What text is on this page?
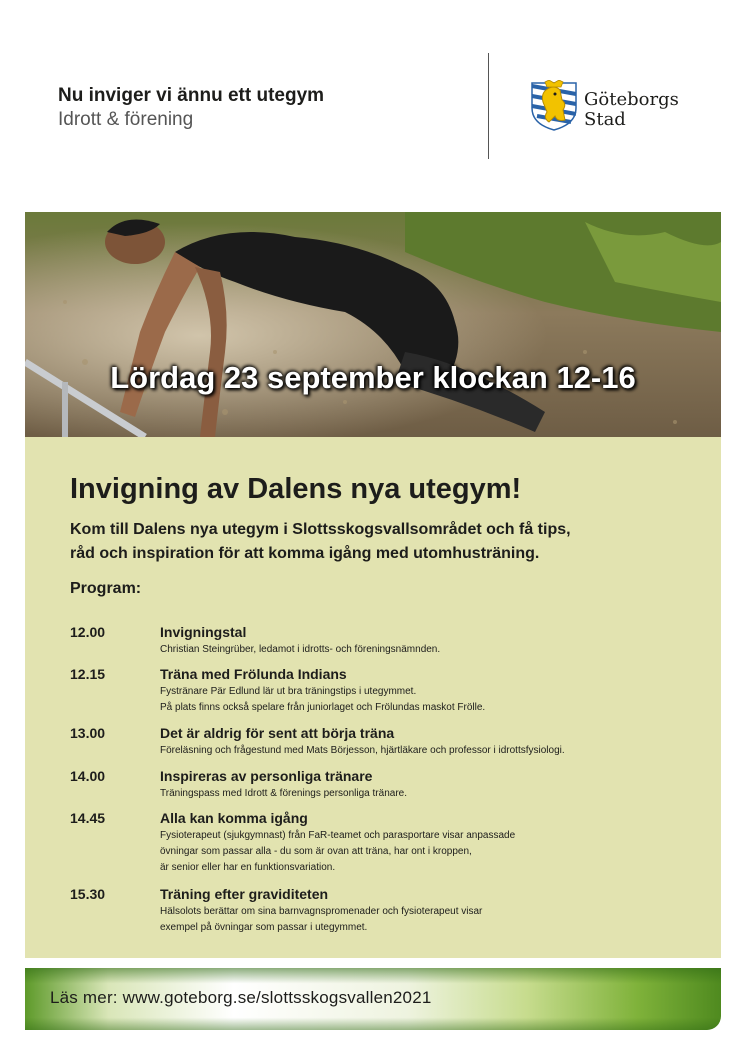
Nu inviger vi ännu ett utegym
Idrott & förening
Göteborgs
Stad
Lördag 23 september klockan 12-16
Invigning av Dalens nya utegym!
Kom till Dalens nya utegym i Slottsskogsvallsområdet och få tips,
råd och inspiration för att komma igång med utomhusträning.
Program:
12.00	Invigningstal
Christian Steingrüber, ledamot i idrotts- och föreningsnämnden.
12.15	Träna med Frölunda Indians
Fystränare Pär Edlund lär ut bra träningstips i utegymmet.
På plats finns också spelare från juniorlaget och Frölundas maskot Frölle.
13.00	Det är aldrig för sent att börja träna
Föreläsning och frågestund med Mats Börjesson, hjärtläkare och professor i idrottsfysiologi.
14.00	Inspireras av personliga tränare
Träningspass med Idrott & förenings personliga tränare.
14.45	Alla kan komma igång
Fysioterapeut (sjukgymnast) från FaR-teamet och parasportare visar anpassade
övningar som passar alla - du som är ovan att träna, har ont i kroppen,
är senior eller har en funktionsvariation.
15.30	Träning efter graviditeten
Hälsolots berättar om sina barnvagnspromenader och fysioterapeut visar
exempel på övningar som passar i utegymmet.
Läs mer: www.goteborg.se/slottsskogsvallen2021
